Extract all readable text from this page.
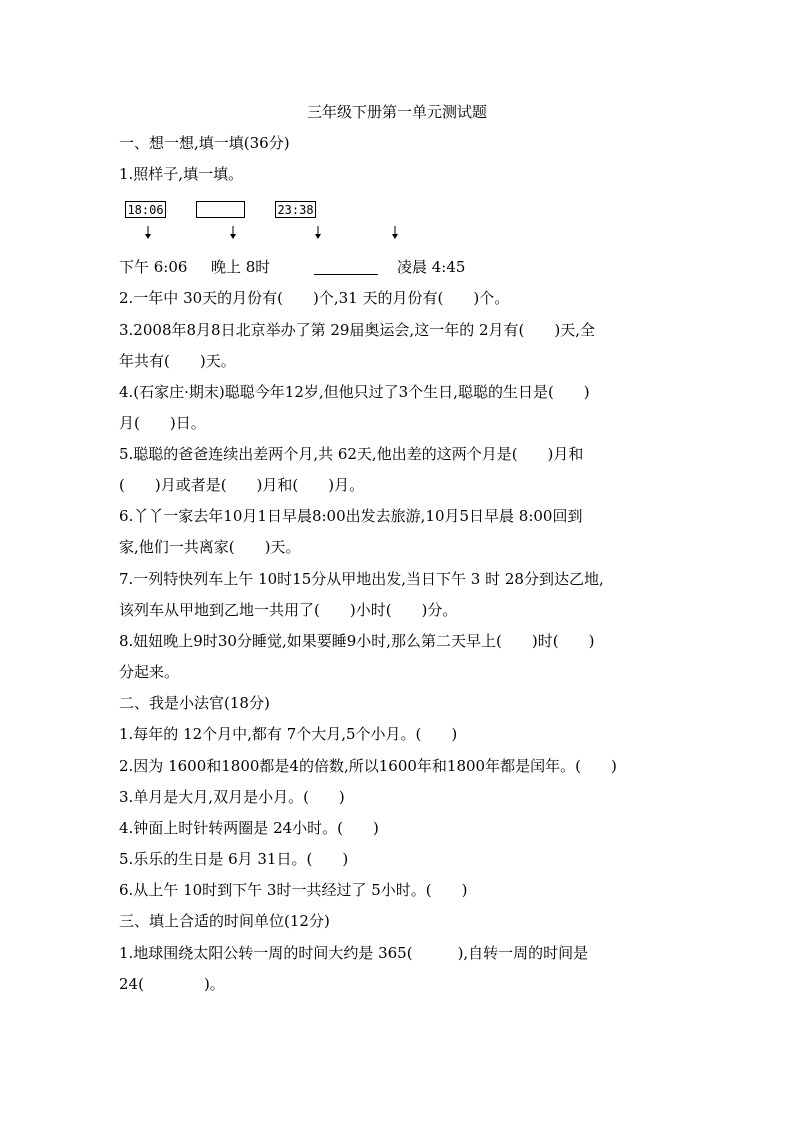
三年级下册第一单元测试题
一、想一想,填一填(36分)
1.照样子,填一填。
18:06	23:38
下午 6:06 晚上 8时	凌晨 4:45
2.一年中 30天的月份有(　　)个,31 天的月份有(　　)个。
3.2008年8月8日北京举办了第 29届奥运会,这一年的 2月有(　　)天,全
年共有(　　)天。
4.(石家庄·期末)聪聪今年12岁,但他只过了3个生日,聪聪的生日是(　　)
月(　　)日。
5.聪聪的爸爸连续出差两个月,共 62天,他出差的这两个月是(　　)月和
(　　)月或者是(　　)月和(　　)月。
6.丫丫一家去年10月1日早晨8:00出发去旅游,10月5日早晨 8:00回到
家,他们一共离家(　　)天。
7.一列特快列车上午 10时15分从甲地出发,当日下午 3 时 28分到达乙地,
该列车从甲地到乙地一共用了(　　)小时(　　)分。
8.妞妞晚上9时30分睡觉,如果要睡9小时,那么第二天早上(　　)时(　　)
分起来。
二、我是小法官(18分)
1.每年的 12个月中,都有 7个大月,5个小月。(　　)
2.因为 1600和1800都是4的倍数,所以1600年和1800年都是闰年。(　　)
3.单月是大月,双月是小月。(　　)
4.钟面上时针转两圈是 24小时。(　　)
5.乐乐的生日是 6月 31日。(　　)
6.从上午 10时到下午 3时一共经过了 5小时。(　　)
三、填上合适的时间单位(12分)
1.地球围绕太阳公转一周的时间大约是 365(　　　),自转一周的时间是
24(　　　　)。
